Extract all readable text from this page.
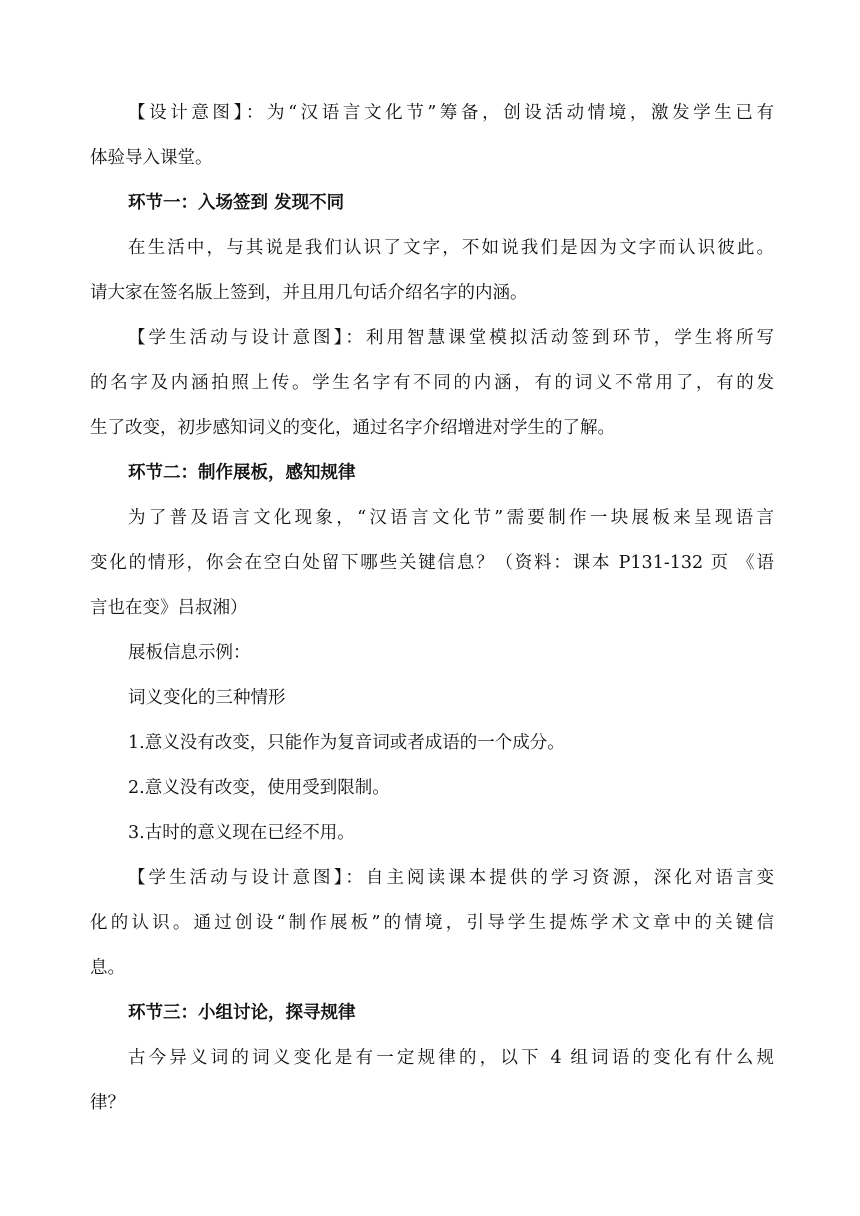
【设计意图】：为“汉语言文化节”筹备，创设活动情境，激发学生已有
体验导入课堂。
环节一：入场签到 发现不同
在生活中，与其说是我们认识了文字，不如说我们是因为文字而认识彼此。
请大家在签名版上签到，并且用几句话介绍名字的内涵。
【学生活动与设计意图】：利用智慧课堂模拟活动签到环节，学生将所写
的名字及内涵拍照上传。学生名字有不同的内涵，有的词义不常用了，有的发
生了改变，初步感知词义的变化，通过名字介绍增进对学生的了解。
环节二：制作展板，感知规律
为了普及语言文化现象，“汉语言文化节”需要制作一块展板来呈现语言
变化的情形，你会在空白处留下哪些关键信息？（资料：课本 P131-132 页 《语
言也在变》吕叔湘）
展板信息示例：
词义变化的三种情形
1.意义没有改变，只能作为复音词或者成语的一个成分。
2.意义没有改变，使用受到限制。
3.古时的意义现在已经不用。
【学生活动与设计意图】：自主阅读课本提供的学习资源，深化对语言变
化的认识。通过创设“制作展板”的情境，引导学生提炼学术文章中的关键信
息。
环节三：小组讨论，探寻规律
古今异义词的词义变化是有一定规律的，以下 4 组词语的变化有什么规
律？
